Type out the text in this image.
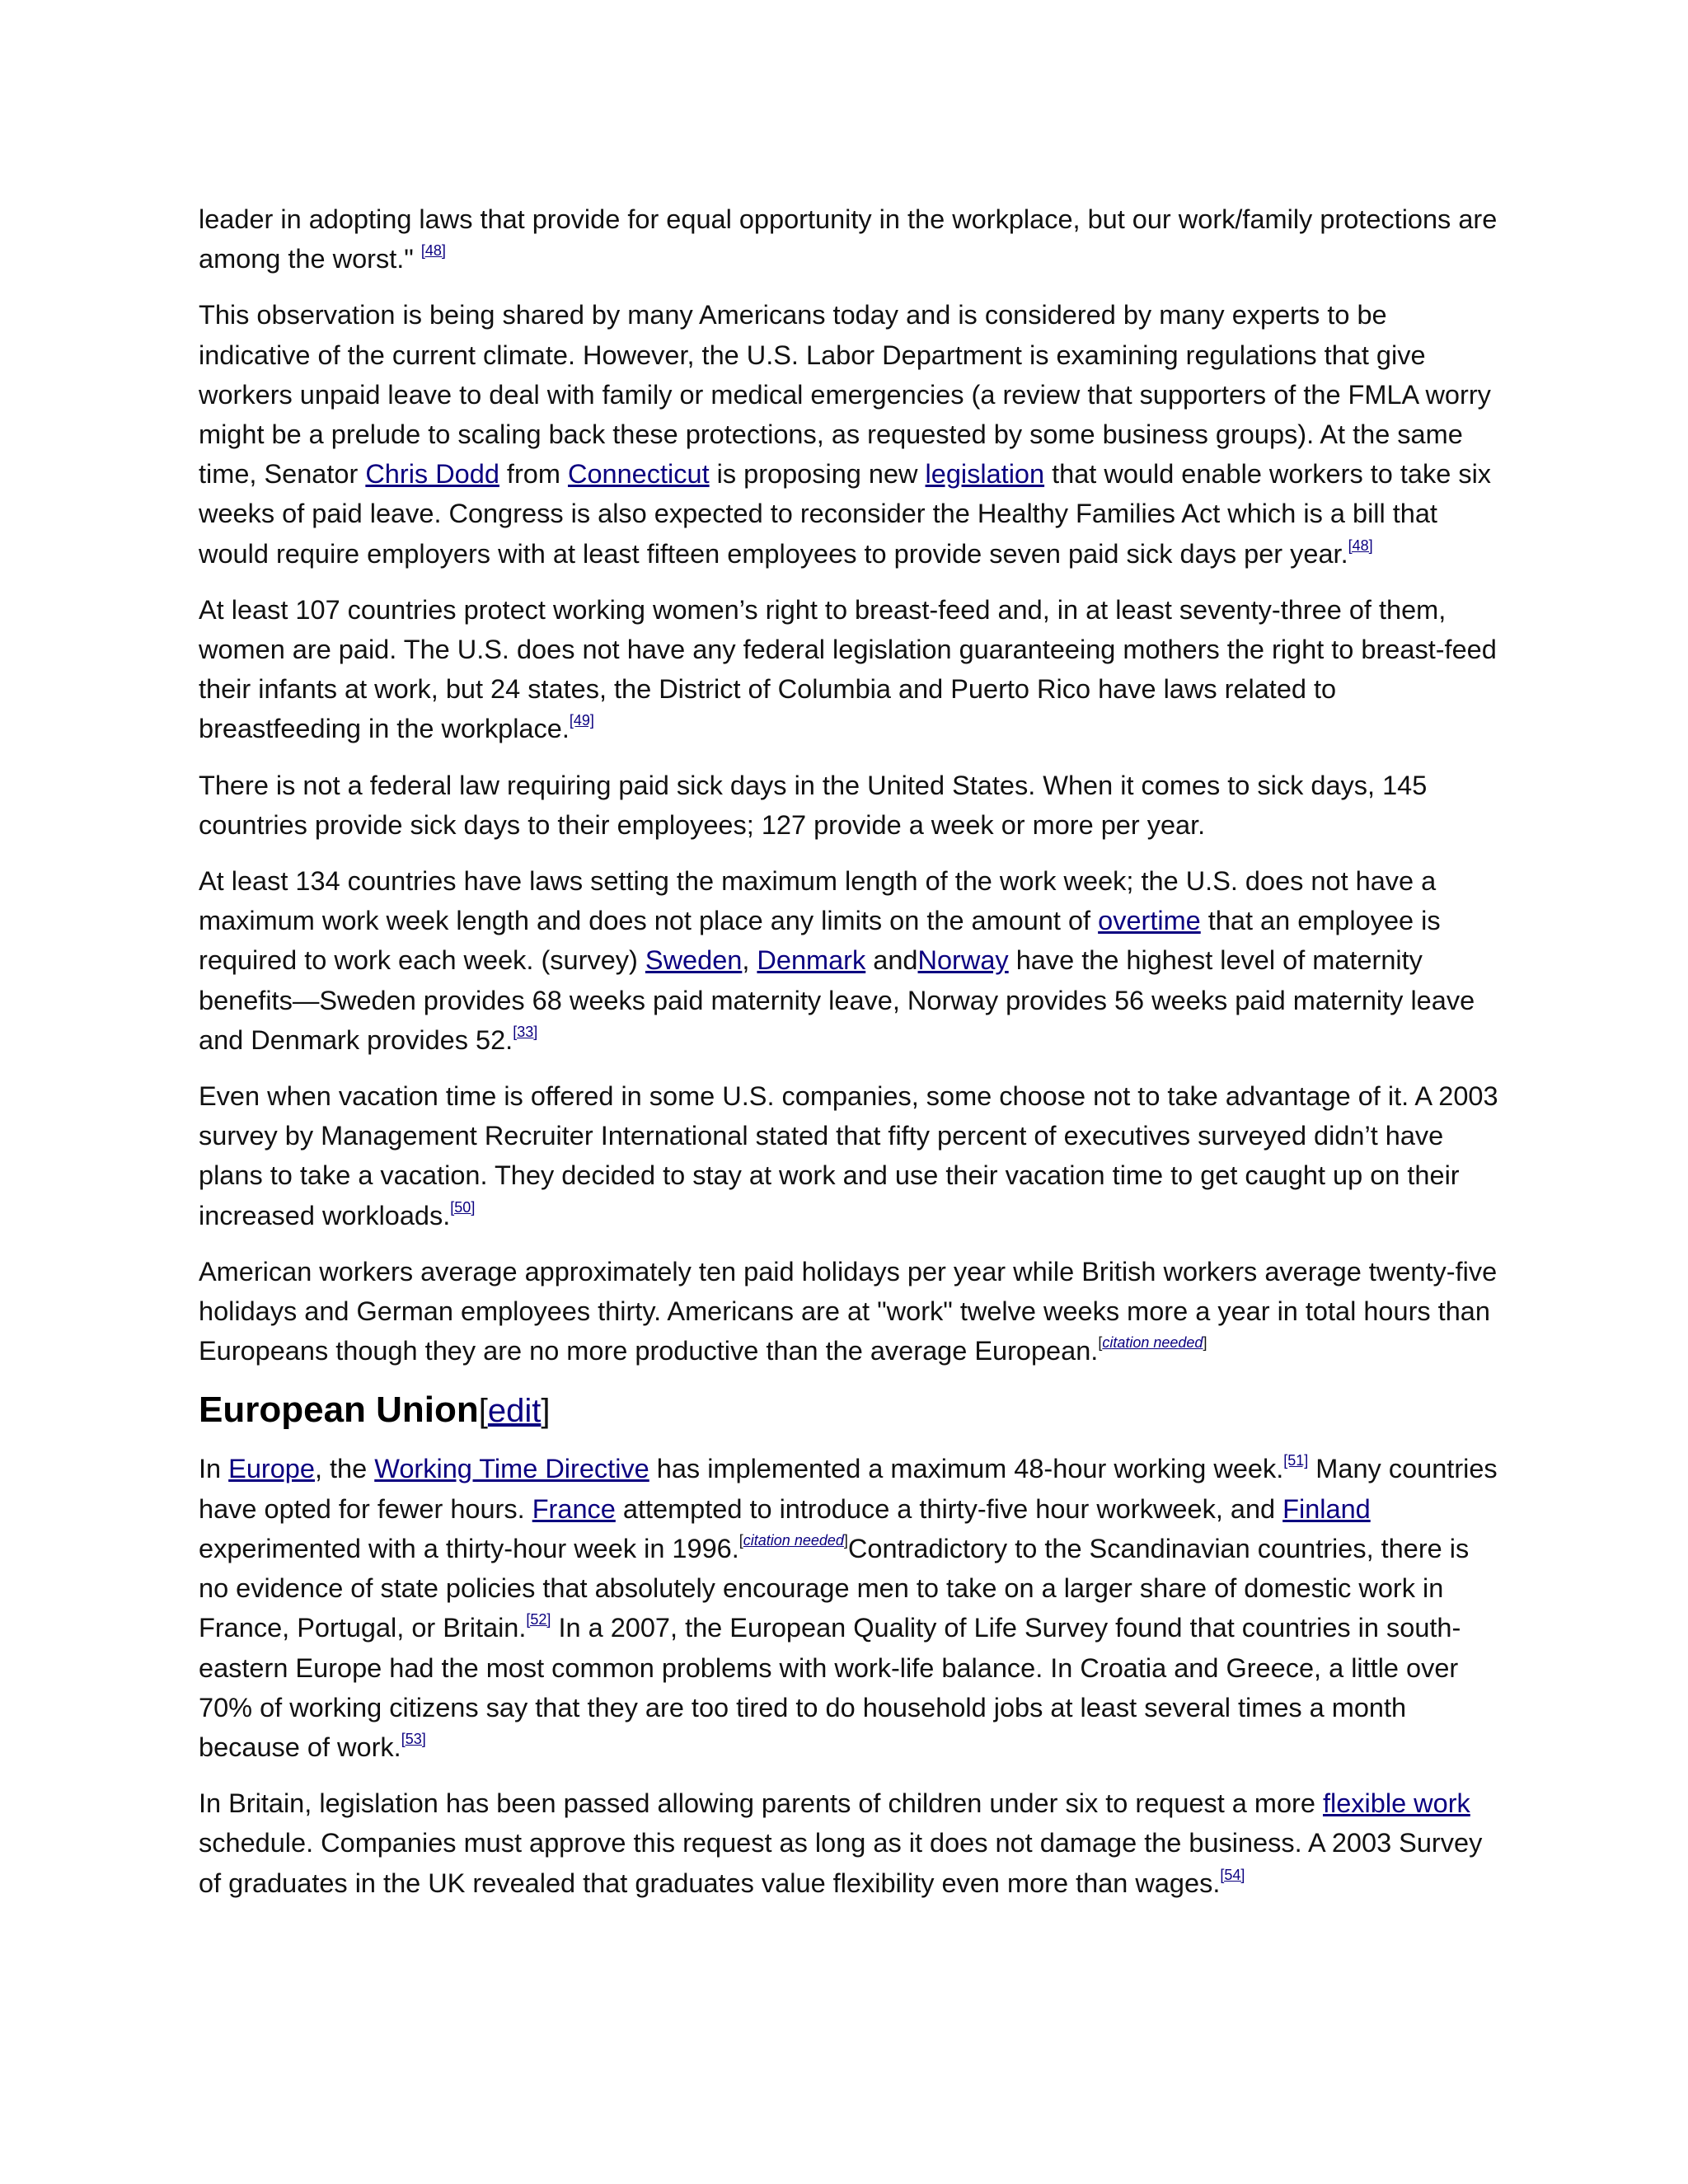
leader in adopting laws that provide for equal opportunity in the workplace, but our work/family protections are among the worst." [48]

This observation is being shared by many Americans today and is considered by many experts to be indicative of the current climate. However, the U.S. Labor Department is examining regulations that give workers unpaid leave to deal with family or medical emergencies (a review that supporters of the FMLA worry might be a prelude to scaling back these protections, as requested by some business groups). At the same time, Senator Chris Dodd from Connecticut is proposing new legislation that would enable workers to take six weeks of paid leave. Congress is also expected to reconsider the Healthy Families Act which is a bill that would require employers with at least fifteen employees to provide seven paid sick days per year.[48]

At least 107 countries protect working women’s right to breast-feed and, in at least seventy-three of them, women are paid. The U.S. does not have any federal legislation guaranteeing mothers the right to breast-feed their infants at work, but 24 states, the District of Columbia and Puerto Rico have laws related to breastfeeding in the workplace.[49]

There is not a federal law requiring paid sick days in the United States. When it comes to sick days, 145 countries provide sick days to their employees; 127 provide a week or more per year.

At least 134 countries have laws setting the maximum length of the work week; the U.S. does not have a maximum work week length and does not place any limits on the amount of overtime that an employee is required to work each week. (survey) Sweden, Denmark andNorway have the highest level of maternity benefits—Sweden provides 68 weeks paid maternity leave, Norway provides 56 weeks paid maternity leave and Denmark provides 52.[33]

Even when vacation time is offered in some U.S. companies, some choose not to take advantage of it. A 2003 survey by Management Recruiter International stated that fifty percent of executives surveyed didn’t have plans to take a vacation. They decided to stay at work and use their vacation time to get caught up on their increased workloads.[50]

American workers average approximately ten paid holidays per year while British workers average twenty-five holidays and German employees thirty. Americans are at "work" twelve weeks more a year in total hours than Europeans though they are no more productive than the average European.[citation needed]

European Union[edit]

In Europe, the Working Time Directive has implemented a maximum 48-hour working week.[51] Many countries have opted for fewer hours. France attempted to introduce a thirty-five hour workweek, and Finland experimented with a thirty-hour week in 1996.[citation needed]Contradictory to the Scandinavian countries, there is no evidence of state policies that absolutely encourage men to take on a larger share of domestic work in France, Portugal, or Britain.[52] In a 2007, the European Quality of Life Survey found that countries in south-eastern Europe had the most common problems with work-life balance. In Croatia and Greece, a little over 70% of working citizens say that they are too tired to do household jobs at least several times a month because of work.[53]

In Britain, legislation has been passed allowing parents of children under six to request a more flexible work schedule. Companies must approve this request as long as it does not damage the business. A 2003 Survey of graduates in the UK revealed that graduates value flexibility even more than wages.[54]
